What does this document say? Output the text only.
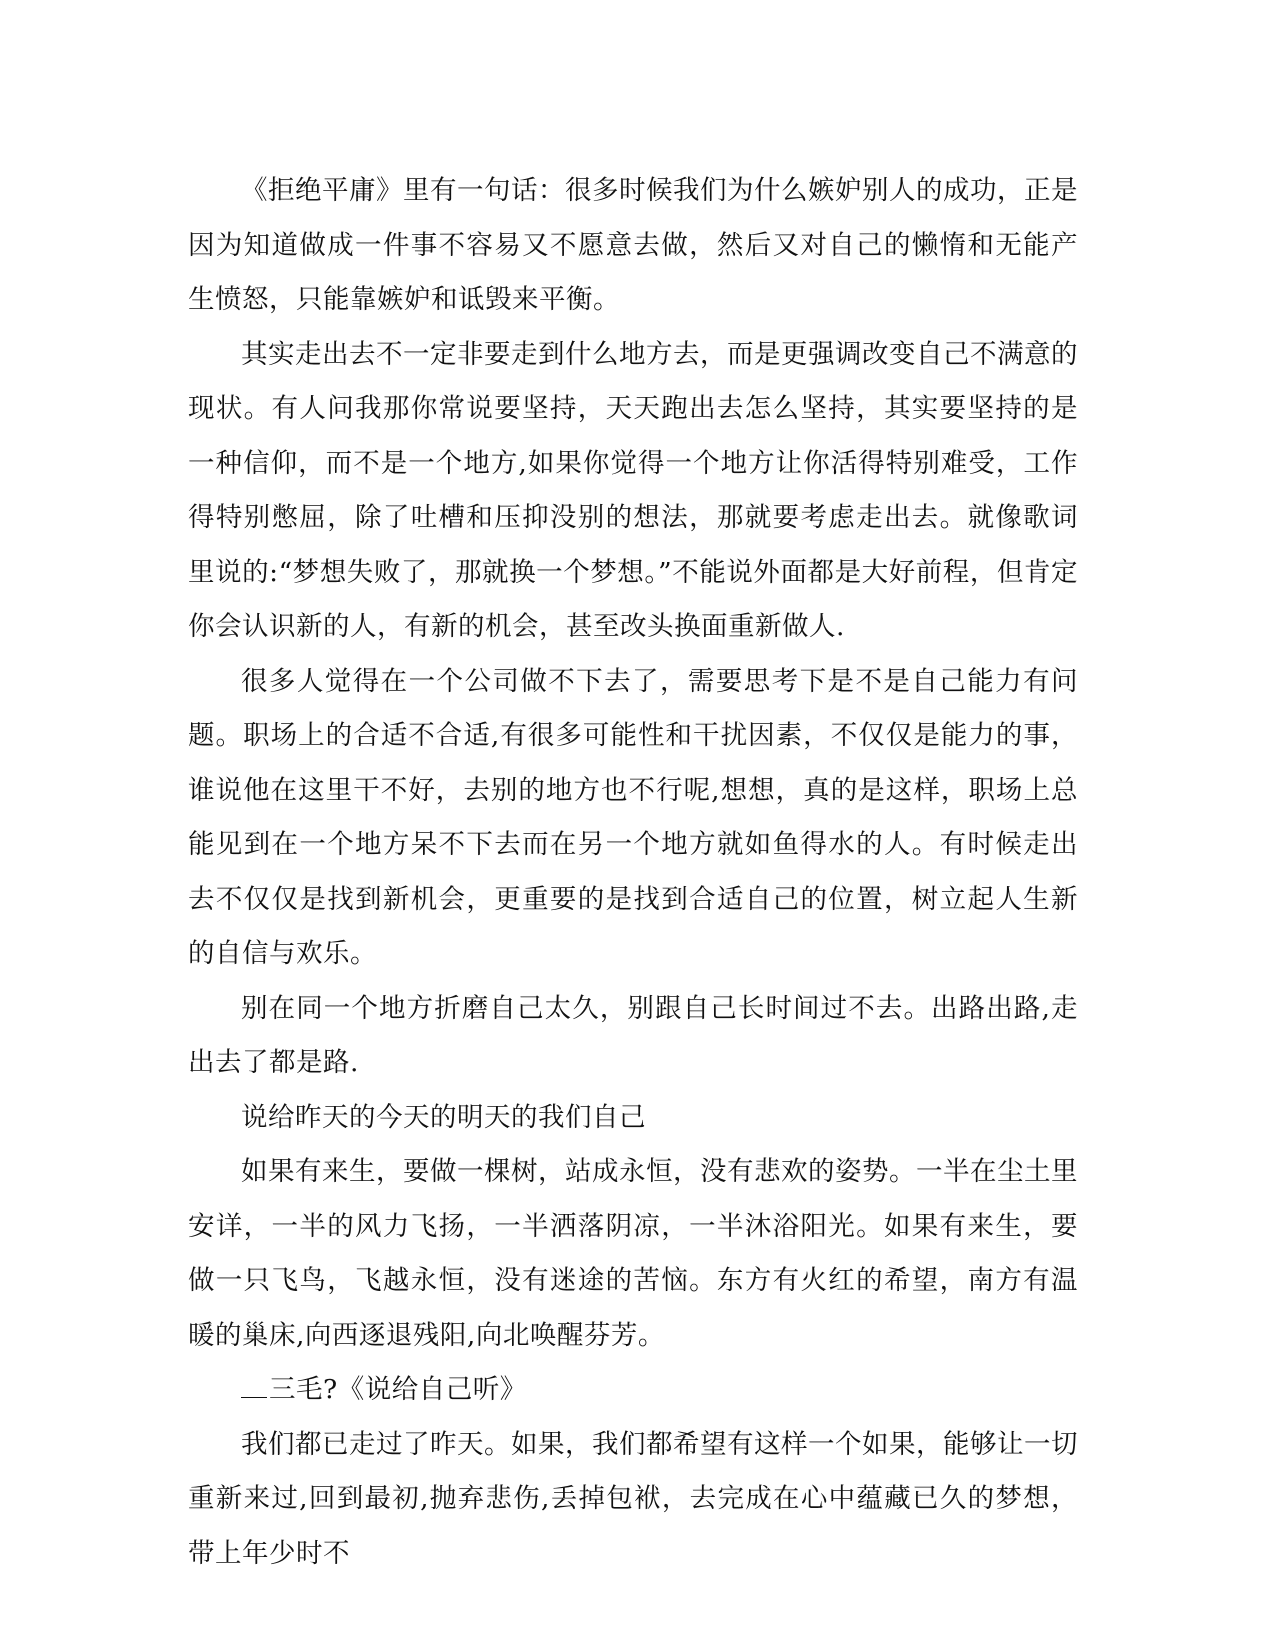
《拒绝平庸》里有一句话：很多时候我们为什么嫉妒别人的成功，正是因为知道做成一件事不容易又不愿意去做，然后又对自己的懒惰和无能产生愤怒，只能靠嫉妒和诋毁来平衡。

其实走出去不一定非要走到什么地方去，而是更强调改变自己不满意的现状。有人问我那你常说要坚持，天天跑出去怎么坚持，其实要坚持的是一种信仰，而不是一个地方,如果你觉得一个地方让你活得特别难受，工作得特别憋屈，除了吐槽和压抑没别的想法，那就要考虑走出去。就像歌词里说的:“梦想失败了，那就换一个梦想。”不能说外面都是大好前程，但肯定你会认识新的人，有新的机会，甚至改头换面重新做人.

很多人觉得在一个公司做不下去了，需要思考下是不是自己能力有问题。职场上的合适不合适,有很多可能性和干扰因素，不仅仅是能力的事，谁说他在这里干不好，去别的地方也不行呢,想想，真的是这样，职场上总能见到在一个地方呆不下去而在另一个地方就如鱼得水的人。有时候走出去不仅仅是找到新机会，更重要的是找到合适自己的位置，树立起人生新的自信与欢乐。

别在同一个地方折磨自己太久，别跟自己长时间过不去。出路出路,走出去了都是路.

说给昨天的今天的明天的我们自己

如果有来生，要做一棵树，站成永恒，没有悲欢的姿势。一半在尘土里安详，一半的风力飞扬，一半洒落阴凉，一半沐浴阳光。如果有来生，要做一只飞鸟，飞越永恒，没有迷途的苦恼。东方有火红的希望，南方有温暖的巢床,向西逐退残阳,向北唤醒芬芳。

三毛?《说给自己听》

我们都已走过了昨天。如果，我们都希望有这样一个如果，能够让一切重新来过,回到最初,抛弃悲伤,丢掉包袱，去完成在心中蕴藏已久的梦想，带上年少时不
